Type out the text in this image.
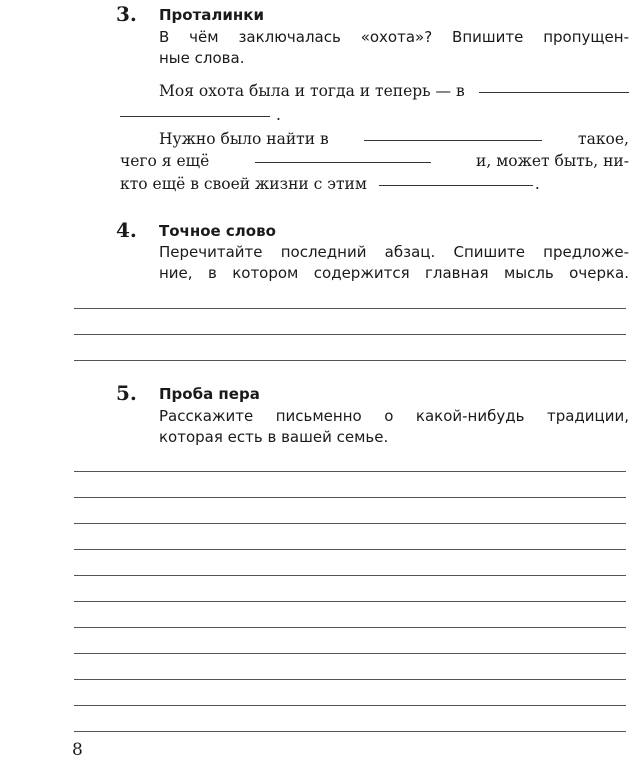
3. Проталинки
В чём заключалась «охота»? Впишите пропущен-
ные слова.
Моя охота была и тогда и теперь — в
.
Нужно было найти в	такое,
чего я ещё	и, может быть, ни-
кто ещё в своей жизни с этим	.
4. Точное слово
Перечитайте последний абзац. Спишите предложе-
ние, в котором содержится главная мысль очерка.
5. Проба пера
Расскажите письменно о какой-нибудь традиции,
которая есть в вашей семье.
8
